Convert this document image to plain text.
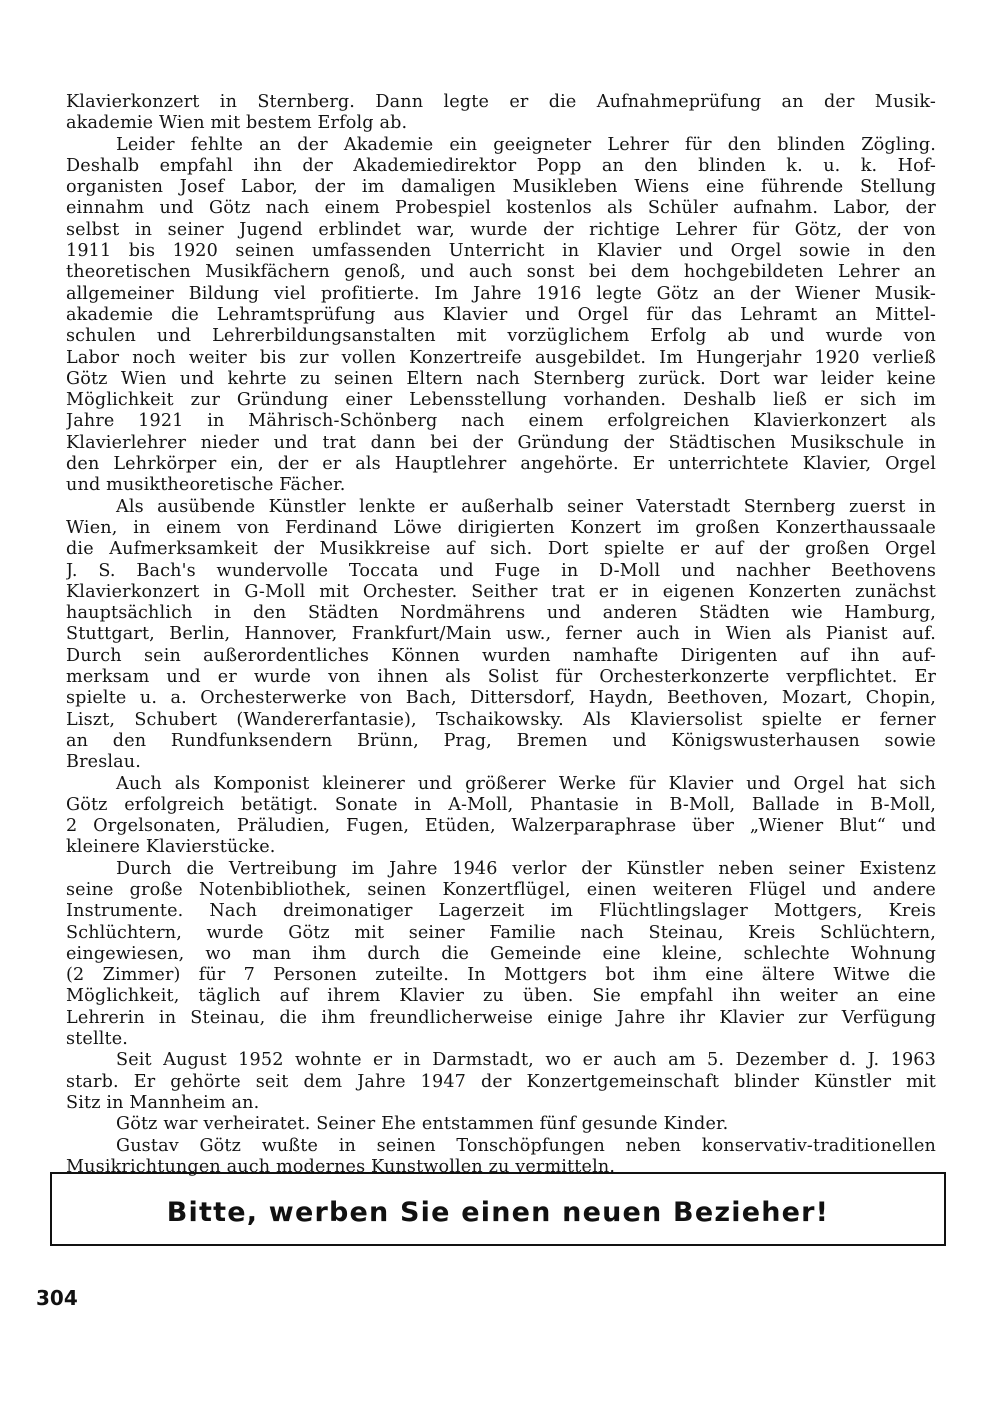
Klavierkonzert in Sternberg. Dann legte er die Aufnahmeprüfung an der Musik-
akademie Wien mit bestem Erfolg ab.
Leider fehlte an der Akademie ein geeigneter Lehrer für den blinden Zögling.
Deshalb empfahl ihn der Akademiedirektor Popp an den blinden k. u. k. Hof-
organisten Josef Labor, der im damaligen Musikleben Wiens eine führende Stellung
einnahm und Götz nach einem Probespiel kostenlos als Schüler aufnahm. Labor, der
selbst in seiner Jugend erblindet war, wurde der richtige Lehrer für Götz, der von
1911 bis 1920 seinen umfassenden Unterricht in Klavier und Orgel sowie in den
theoretischen Musikfächern genoß, und auch sonst bei dem hochgebildeten Lehrer an
allgemeiner Bildung viel profitierte. Im Jahre 1916 legte Götz an der Wiener Musik-
akademie die Lehramtsprüfung aus Klavier und Orgel für das Lehramt an Mittel-
schulen und Lehrerbildungsanstalten mit vorzüglichem Erfolg ab und wurde von
Labor noch weiter bis zur vollen Konzertreife ausgebildet. Im Hungerjahr 1920 verließ
Götz Wien und kehrte zu seinen Eltern nach Sternberg zurück. Dort war leider keine
Möglichkeit zur Gründung einer Lebensstellung vorhanden. Deshalb ließ er sich im
Jahre 1921 in Mährisch-Schönberg nach einem erfolgreichen Klavierkonzert als
Klavierlehrer nieder und trat dann bei der Gründung der Städtischen Musikschule in
den Lehrkörper ein, der er als Hauptlehrer angehörte. Er unterrichtete Klavier, Orgel
und musiktheoretische Fächer.
Als ausübende Künstler lenkte er außerhalb seiner Vaterstadt Sternberg zuerst in
Wien, in einem von Ferdinand Löwe dirigierten Konzert im großen Konzerthaussaale
die Aufmerksamkeit der Musikkreise auf sich. Dort spielte er auf der großen Orgel
J. S. Bach's wundervolle Toccata und Fuge in D-Moll und nachher Beethovens
Klavierkonzert in G-Moll mit Orchester. Seither trat er in eigenen Konzerten zunächst
hauptsächlich in den Städten Nordmährens und anderen Städten wie Hamburg,
Stuttgart, Berlin, Hannover, Frankfurt/Main usw., ferner auch in Wien als Pianist auf.
Durch sein außerordentliches Können wurden namhafte Dirigenten auf ihn auf-
merksam und er wurde von ihnen als Solist für Orchesterkonzerte verpflichtet. Er
spielte u. a. Orchesterwerke von Bach, Dittersdorf, Haydn, Beethoven, Mozart, Chopin,
Liszt, Schubert (Wandererfantasie), Tschaikowsky. Als Klaviersolist spielte er ferner
an den Rundfunksendern Brünn, Prag, Bremen und Königswusterhausen sowie
Breslau.
Auch als Komponist kleinerer und größerer Werke für Klavier und Orgel hat sich
Götz erfolgreich betätigt. Sonate in A-Moll, Phantasie in B-Moll, Ballade in B-Moll,
2 Orgelsonaten, Präludien, Fugen, Etüden, Walzerparaphrase über „Wiener Blut“ und
kleinere Klavierstücke.
Durch die Vertreibung im Jahre 1946 verlor der Künstler neben seiner Existenz
seine große Notenbibliothek, seinen Konzertflügel, einen weiteren Flügel und andere
Instrumente. Nach dreimonatiger Lagerzeit im Flüchtlingslager Mottgers, Kreis
Schlüchtern, wurde Götz mit seiner Familie nach Steinau, Kreis Schlüchtern,
eingewiesen, wo man ihm durch die Gemeinde eine kleine, schlechte Wohnung
(2 Zimmer) für 7 Personen zuteilte. In Mottgers bot ihm eine ältere Witwe die
Möglichkeit, täglich auf ihrem Klavier zu üben. Sie empfahl ihn weiter an eine
Lehrerin in Steinau, die ihm freundlicherweise einige Jahre ihr Klavier zur Verfügung
stellte.
Seit August 1952 wohnte er in Darmstadt, wo er auch am 5. Dezember d. J. 1963
starb. Er gehörte seit dem Jahre 1947 der Konzertgemeinschaft blinder Künstler mit
Sitz in Mannheim an.
Götz war verheiratet. Seiner Ehe entstammen fünf gesunde Kinder.
Gustav Götz wußte in seinen Tonschöpfungen neben konservativ-traditionellen
Musikrichtungen auch modernes Kunstwollen zu vermitteln.
Bitte, werben Sie einen neuen Bezieher!
304
